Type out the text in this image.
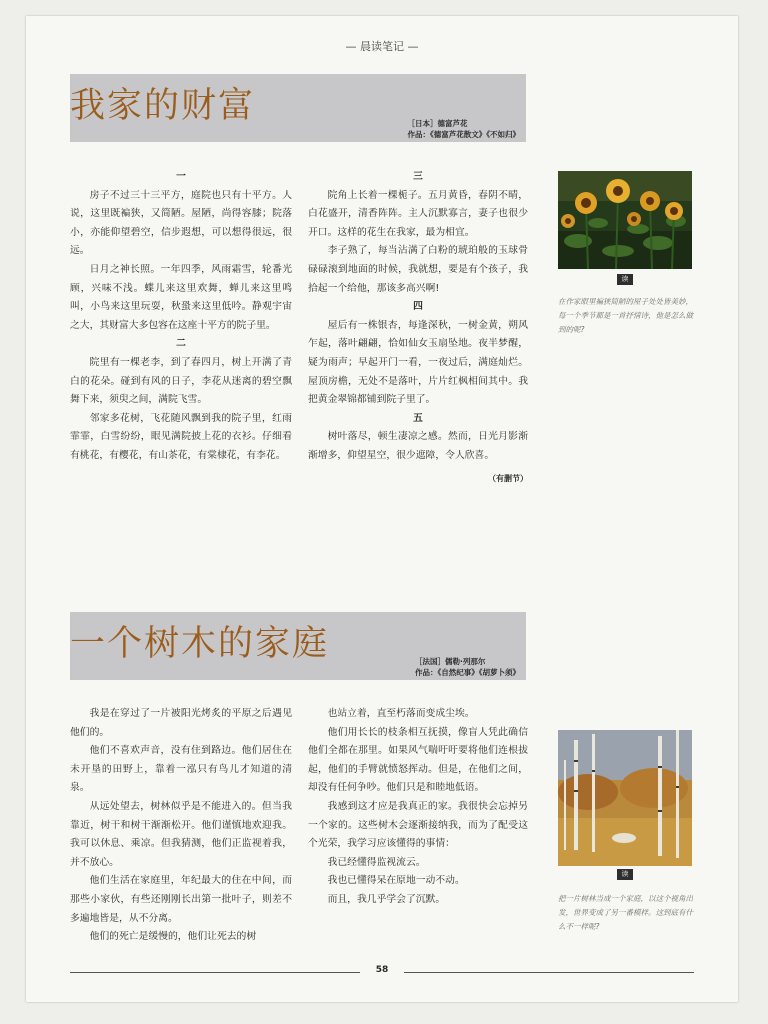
— 晨读笔记 —
我家的财富	［日本］德富芦花
作品：《德富芦花散文》《不如归》

一

房子不过三十三平方，庭院也只有十平方。人说，这里既褊狭，又简陋。屋陋，尚得容膝；院落小，亦能仰望碧空，信步遐想，可以想得很远，很远。

日月之神长照。一年四季，风雨霜雪，轮番光顾，兴味不浅。蝶儿来这里欢舞，蝉儿来这里鸣叫，小鸟来这里玩耍，秋蛩来这里低吟。静观宇宙之大，其财富大多包容在这座十平方的院子里。

二

院里有一棵老李，到了春四月，树上开满了青白的花朵。碰到有风的日子，李花从迷离的碧空飘舞下来，须臾之间，满院飞雪。

邻家多花树，飞花随风飘到我的院子里，红雨霏霏，白雪纷纷，眼见满院披上花的衣衫。仔细看有桃花，有樱花，有山茶花，有棠棣花，有李花。

三

院角上长着一棵栀子。五月黄昏，春阴不晴，白花盛开，清香阵阵。主人沉默寡言，妻子也很少开口。这样的花生在我家，最为相宜。

李子熟了，每当沾满了白粉的琥珀般的玉球骨碌碌滚到地面的时候，我就想，要是有个孩子，我拾起一个给他，那该多高兴啊!

四

屋后有一株银杏，每逢深秋，一树金黄，朔风乍起，落叶翩翩，恰如仙女玉扇坠地。夜半梦醒，疑为雨声；早起开门一看，一夜过后，满庭灿烂。屋顶房檐，无处不是落叶，片片红枫相间其中。我把黄金翠锦都铺到院子里了。

五

树叶落尽，顿生凄凉之感。然而，日光月影渐渐增多，仰望星空，很少遮障，令人欣喜。

（有删节）

读
在作家眼里褊狭简陋的屋子处处皆美妙，每一个季节都是一首抒情诗，他是怎么做到的呢?
一个树木的家庭	［法国］儒勒·列那尔
作品：《自然纪事》《胡萝卜须》

我是在穿过了一片被阳光烤炙的平原之后遇见他们的。

他们不喜欢声音，没有住到路边。他们居住在未开垦的田野上，靠着一泓只有鸟儿才知道的清泉。

从远处望去，树林似乎是不能进入的。但当我靠近，树干和树干渐渐松开。他们谨慎地欢迎我。我可以休息、乘凉。但我猜测，他们正监视着我，并不放心。

他们生活在家庭里，年纪最大的住在中间，而那些小家伙，有些还刚刚长出第一批叶子，则差不多遍地皆是，从不分离。

他们的死亡是缓慢的，他们让死去的树

也站立着，直至朽落而变成尘埃。

他们用长长的枝条相互抚摸，像盲人凭此确信他们全都在那里。如果风气喘吁吁要将他们连根拔起，他们的手臂就愤怒挥动。但是，在他们之间，却没有任何争吵。他们只是和睦地低语。

我感到这才应是我真正的家。我很快会忘掉另一个家的。这些树木会逐渐接纳我，而为了配受这个光荣，我学习应该懂得的事情：

我已经懂得监视流云。

我也已懂得呆在原地一动不动。

而且，我几乎学会了沉默。

读
把一片树林当成一个家庭，以这个视角出发，世界变成了另一番模样。这到底有什么不一样呢?
58
